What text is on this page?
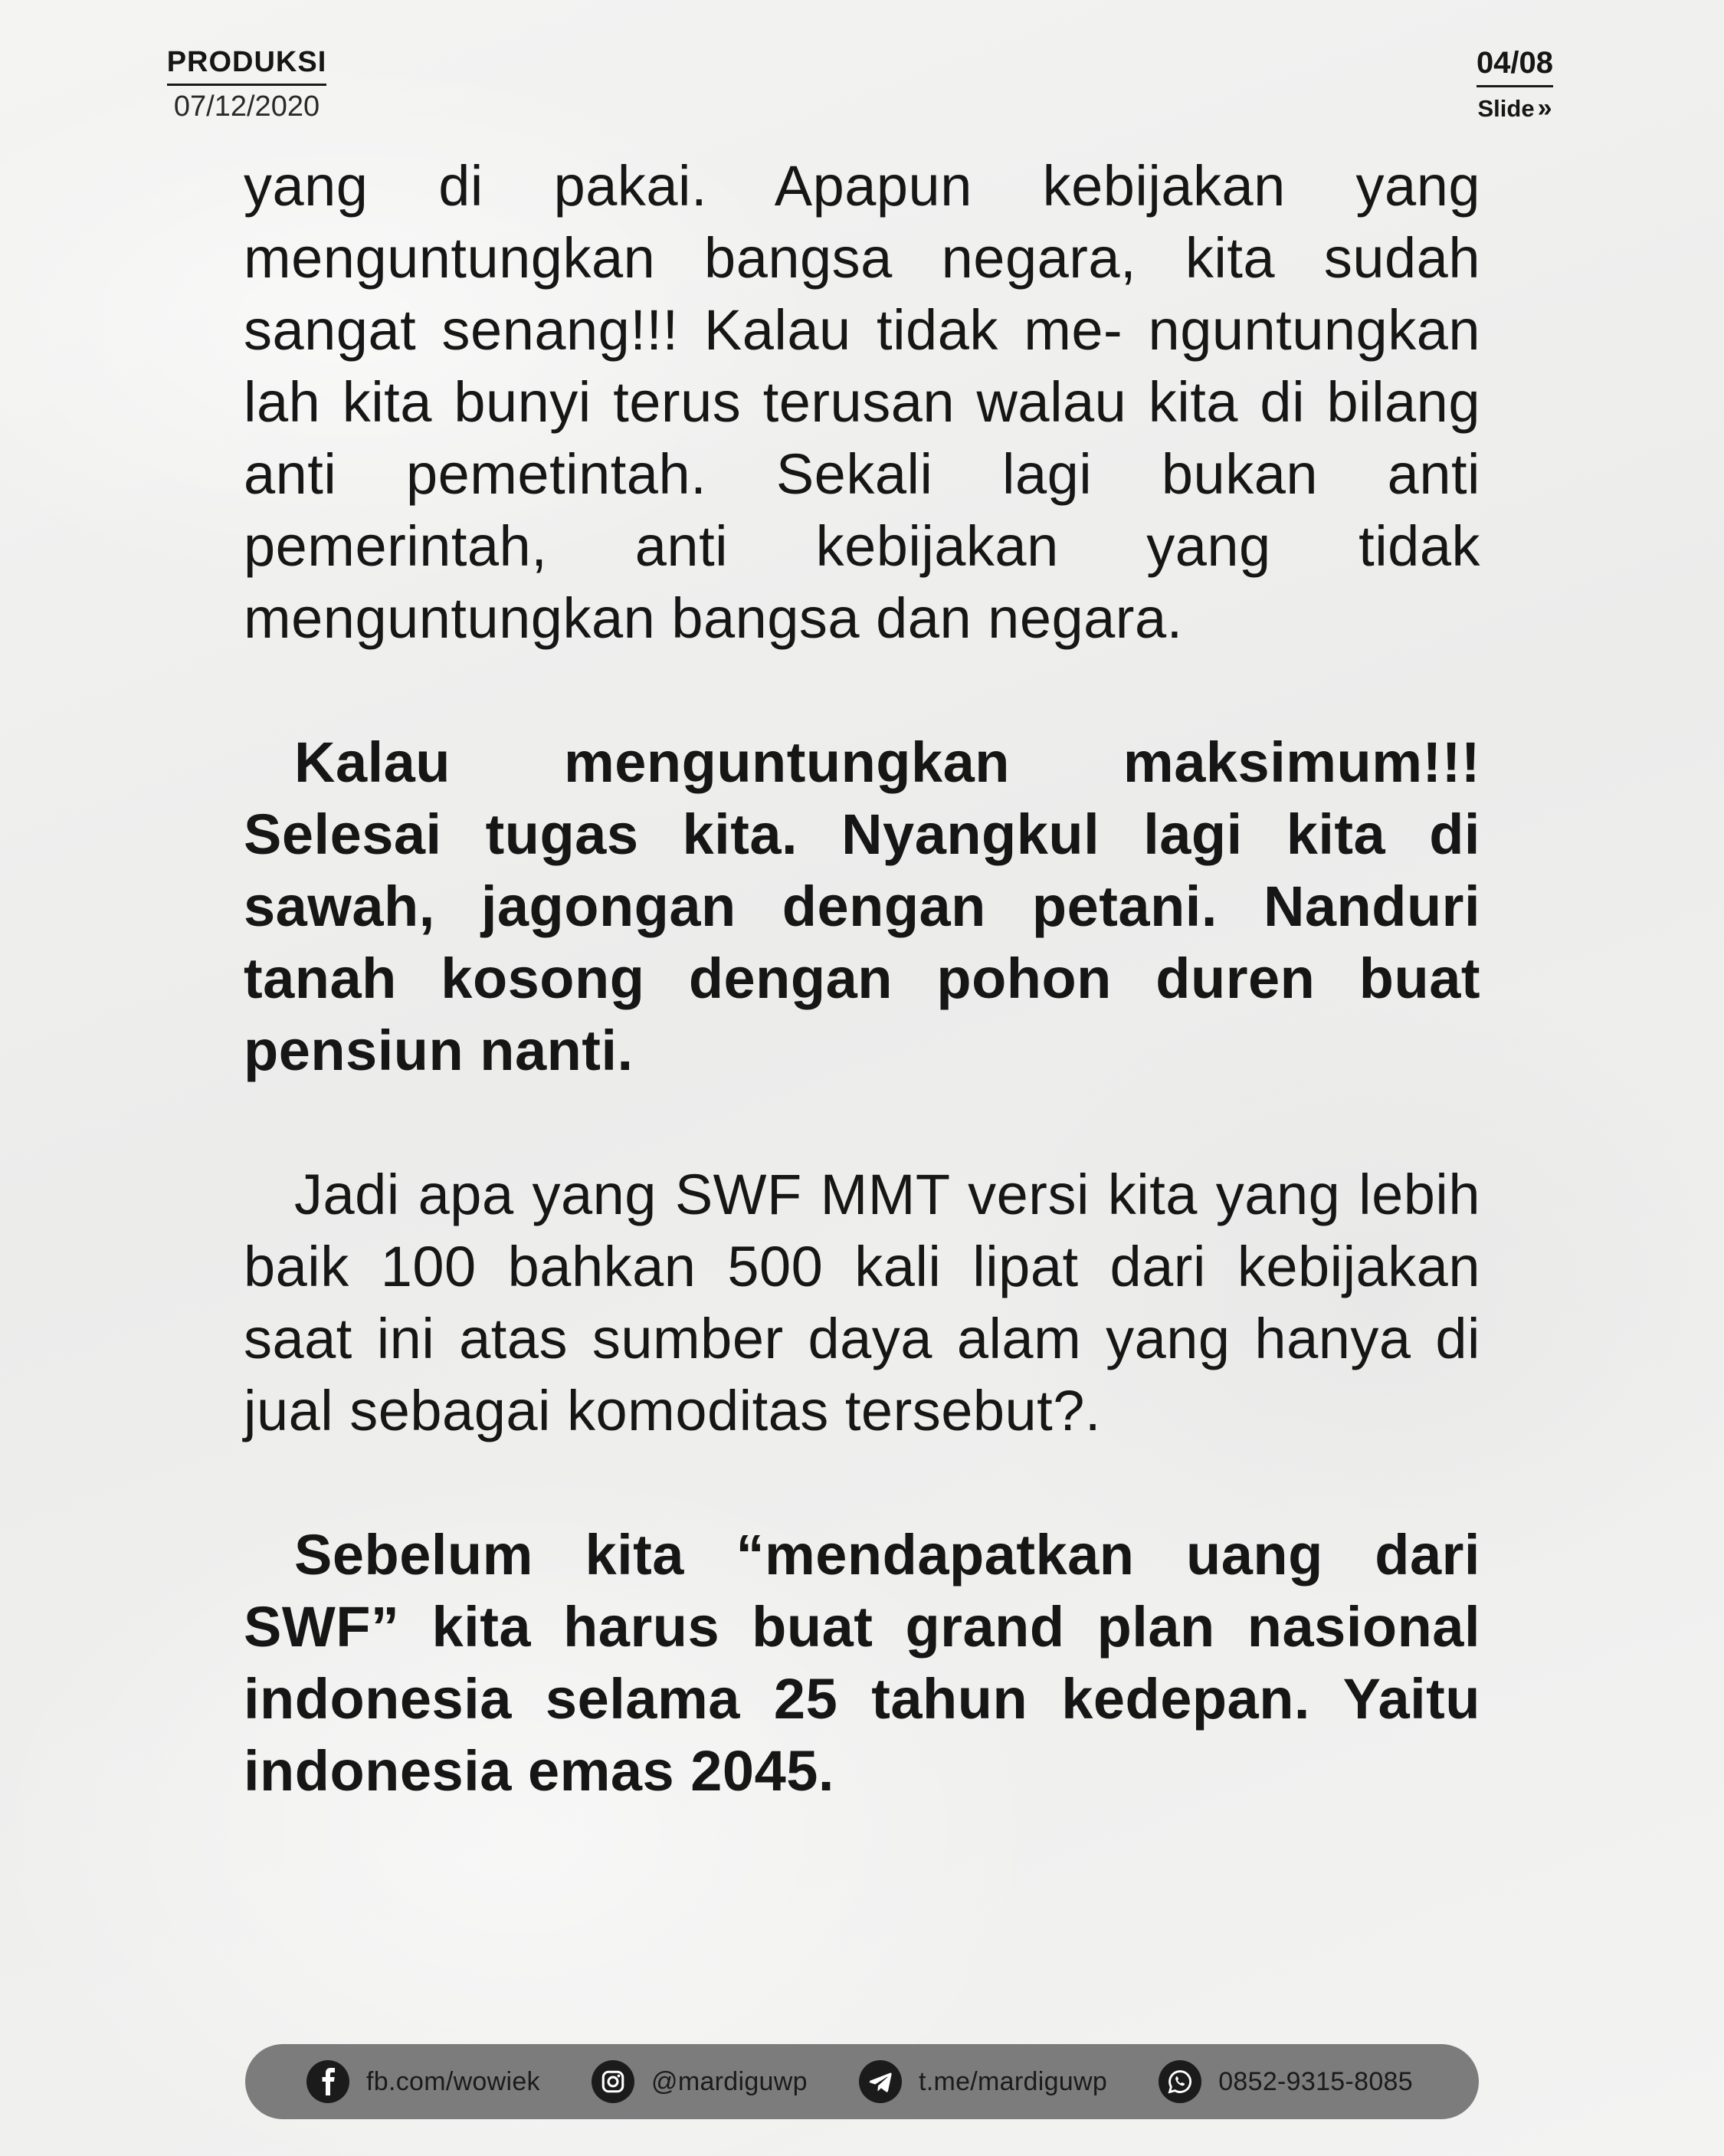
PRODUKSI
07/12/2020
04/08
Slide »

yang di pakai. Apapun kebijakan yang menguntungkan bangsa negara, kita sudah sangat senang!!! Kalau tidak me- nguntungkan lah kita bunyi terus terusan walau kita di bilang anti pemetintah. Sekali lagi bukan anti pemerintah, anti kebijakan yang tidak menguntungkan bangsa dan negara.

Kalau menguntungkan maksimum!!! Selesai tugas kita. Nyangkul lagi kita di sawah, jagongan dengan petani. Nanduri tanah kosong dengan pohon duren buat pensiun nanti.

Jadi apa yang SWF MMT versi kita yang lebih baik 100 bahkan 500 kali lipat dari kebijakan saat ini atas sumber daya alam yang hanya di jual sebagai komoditas tersebut?.

Sebelum kita “mendapatkan uang dari SWF” kita harus buat grand plan nasional indonesia selama 25 tahun kedepan. Yaitu indonesia emas 2045.

fb.com/wowiek	@mardiguwp	t.me/mardiguwp	0852-9315-8085
